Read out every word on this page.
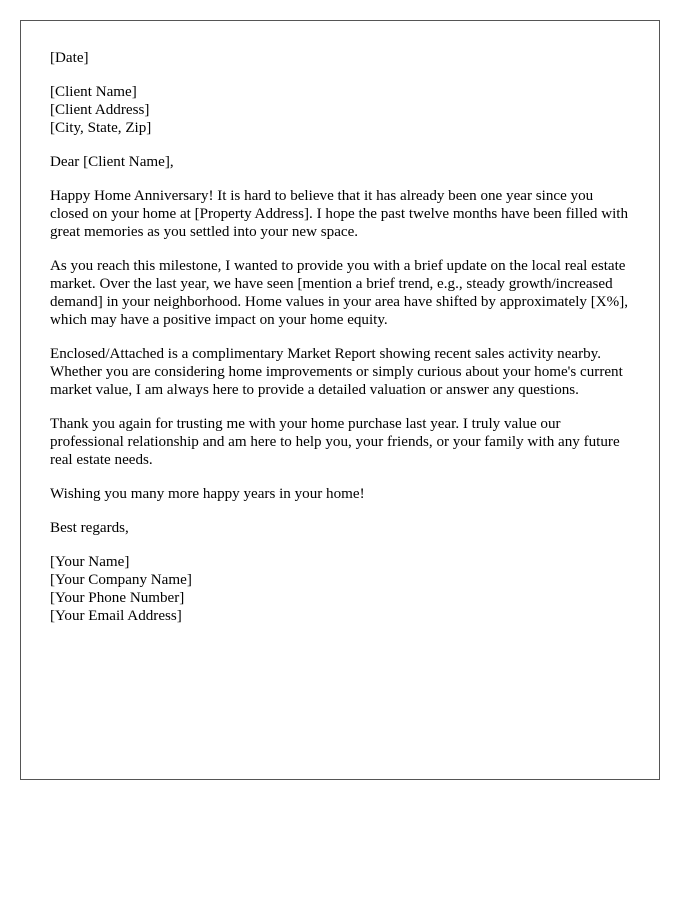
[Date]

[Client Name]
[Client Address]
[City, State, Zip]

Dear [Client Name],

Happy Home Anniversary! It is hard to believe that it has already been one year since you closed on your home at [Property Address]. I hope the past twelve months have been filled with great memories as you settled into your new space.

As you reach this milestone, I wanted to provide you with a brief update on the local real estate market. Over the last year, we have seen [mention a brief trend, e.g., steady growth/increased demand] in your neighborhood. Home values in your area have shifted by approximately [X%], which may have a positive impact on your home equity.

Enclosed/Attached is a complimentary Market Report showing recent sales activity nearby. Whether you are considering home improvements or simply curious about your home's current market value, I am always here to provide a detailed valuation or answer any questions.

Thank you again for trusting me with your home purchase last year. I truly value our professional relationship and am here to help you, your friends, or your family with any future real estate needs.

Wishing you many more happy years in your home!

Best regards,

[Your Name]
[Your Company Name]
[Your Phone Number]
[Your Email Address]
